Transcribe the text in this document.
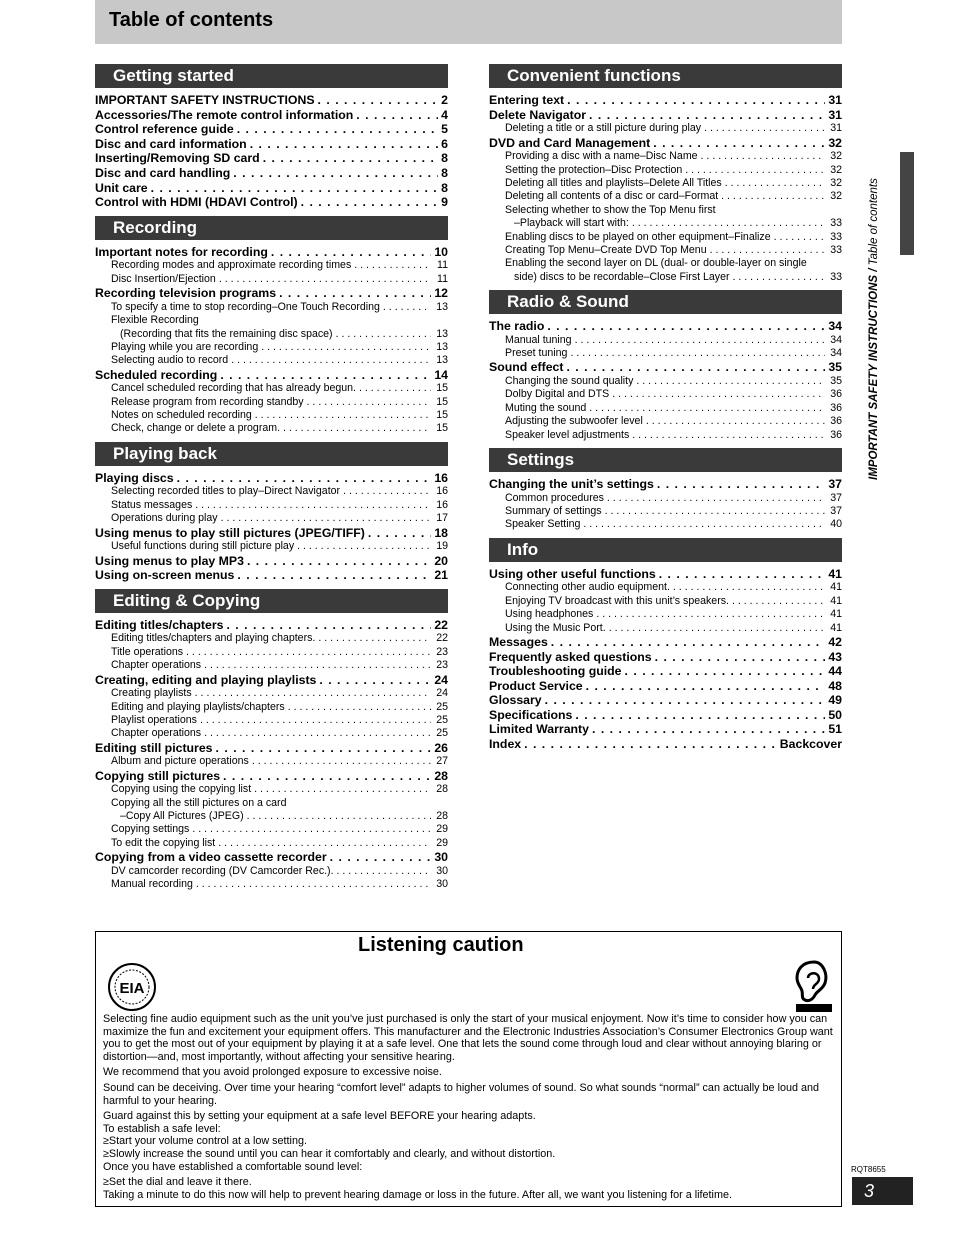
Table of contents
Getting started
IMPORTANT SAFETY INSTRUCTIONS . . .	2
Accessories/The remote control information . . .	4
Control reference guide . . .	5
Disc and card information . . .	6
Inserting/Removing SD card . . .	8
Disc and card handling . . .	8
Unit care . . .	8
Control with HDMI (HDAVI Control) . . .	9
Recording
Important notes for recording . . .	10
Recording modes and approximate recording times . . .	11
Disc Insertion/Ejection . . .	11
Recording television programs . . .	12
To specify a time to stop recording–One Touch Recording . . .	13
Flexible Recording
(Recording that fits the remaining disc space) . . .	13
Playing while you are recording . . .	13
Selecting audio to record . . .	13
Scheduled recording . . .	14
Cancel scheduled recording that has already begun. . . .	15
Release program from recording standby . . .	15
Notes on scheduled recording . . .	15
Check, change or delete a program. . . .	15
Playing back
Playing discs . . .	16
Selecting recorded titles to play–Direct Navigator . . .	16
Status messages . . .	16
Operations during play . . .	17
Using menus to play still pictures (JPEG/TIFF) . . .	18
Useful functions during still picture play . . .	19
Using menus to play MP3 . . .	20
Using on-screen menus . . .	21
Editing & Copying
Editing titles/chapters . . .	22
Editing titles/chapters and playing chapters. . . .	22
Title operations . . .	23
Chapter operations . . .	23
Creating, editing and playing playlists . . .	24
Creating playlists . . .	24
Editing and playing playlists/chapters . . .	25
Playlist operations . . .	25
Chapter operations . . .	25
Editing still pictures . . .	26
Album and picture operations . . .	27
Copying still pictures . . .	28
Copying using the copying list . . .	28
Copying all the still pictures on a card
–Copy All Pictures (JPEG) . . .	28
Copying settings . . .	29
To edit the copying list . . .	29
Copying from a video cassette recorder . . .	30
DV camcorder recording (DV Camcorder Rec.). . . .	30
Manual recording . . .	30
Convenient functions
Entering text . . .	31
Delete Navigator . . .	31
Deleting a title or a still picture during play . . .	31
DVD and Card Management . . .	32
Providing a disc with a name–Disc Name . . .	32
Setting the protection–Disc Protection . . .	32
Deleting all titles and playlists–Delete All Titles . . .	32
Deleting all contents of a disc or card–Format . . .	32
Selecting whether to show the Top Menu first
–Playback will start with: . . .	33
Enabling discs to be played on other equipment–Finalize . . .	33
Creating Top Menu–Create DVD Top Menu . . .	33
Enabling the second layer on DL (dual- or double-layer on single
side) discs to be recordable–Close First Layer . . .	33
Radio & Sound
The radio . . .	34
Manual tuning . . .	34
Preset tuning . . .	34
Sound effect . . .	35
Changing the sound quality . . .	35
Dolby Digital and DTS . . .	36
Muting the sound . . .	36
Adjusting the subwoofer level . . .	36
Speaker level adjustments . . .	36
Settings
Changing the unit’s settings . . .	37
Common procedures . . .	37
Summary of settings . . .	37
Speaker Setting . . .	40
Info
Using other useful functions . . .	41
Connecting other audio equipment. . . .	41
Enjoying TV broadcast with this unit’s speakers. . . .	41
Using headphones . . .	41
Using the Music Port. . . .	41
Messages . . .	42
Frequently asked questions . . .	43
Troubleshooting guide . . .	44
Product Service . . .	48
Glossary . . .	49
Specifications . . .	50
Limited Warranty . . .	51
Index . . .	Backcover
IMPORTANT SAFETY INSTRUCTIONS / Table of contents
Listening caution
EIA

Selecting fine audio equipment such as the unit you’ve just purchased is only the start of your musical enjoyment. Now it’s time to consider how you can maximize the fun and excitement your equipment offers. This manufacturer and the Electronic Industries Association’s Consumer Electronics Group want you to get the most out of your equipment by playing it at a safe level. One that lets the sound come through loud and clear without annoying blaring or distortion—and, most importantly, without affecting your sensitive hearing.

We recommend that you avoid prolonged exposure to excessive noise.

Sound can be deceiving. Over time your hearing “comfort level” adapts to higher volumes of sound. So what sounds “normal” can actually be loud and harmful to your hearing.

Guard against this by setting your equipment at a safe level BEFORE your hearing adapts.

To establish a safe level:

≥Start your volume control at a low setting.

≥Slowly increase the sound until you can hear it comfortably and clearly, and without distortion.

Once you have established a comfortable sound level:

≥Set the dial and leave it there.

Taking a minute to do this now will help to prevent hearing damage or loss in the future. After all, we want you listening for a lifetime.

RQT8655
3
